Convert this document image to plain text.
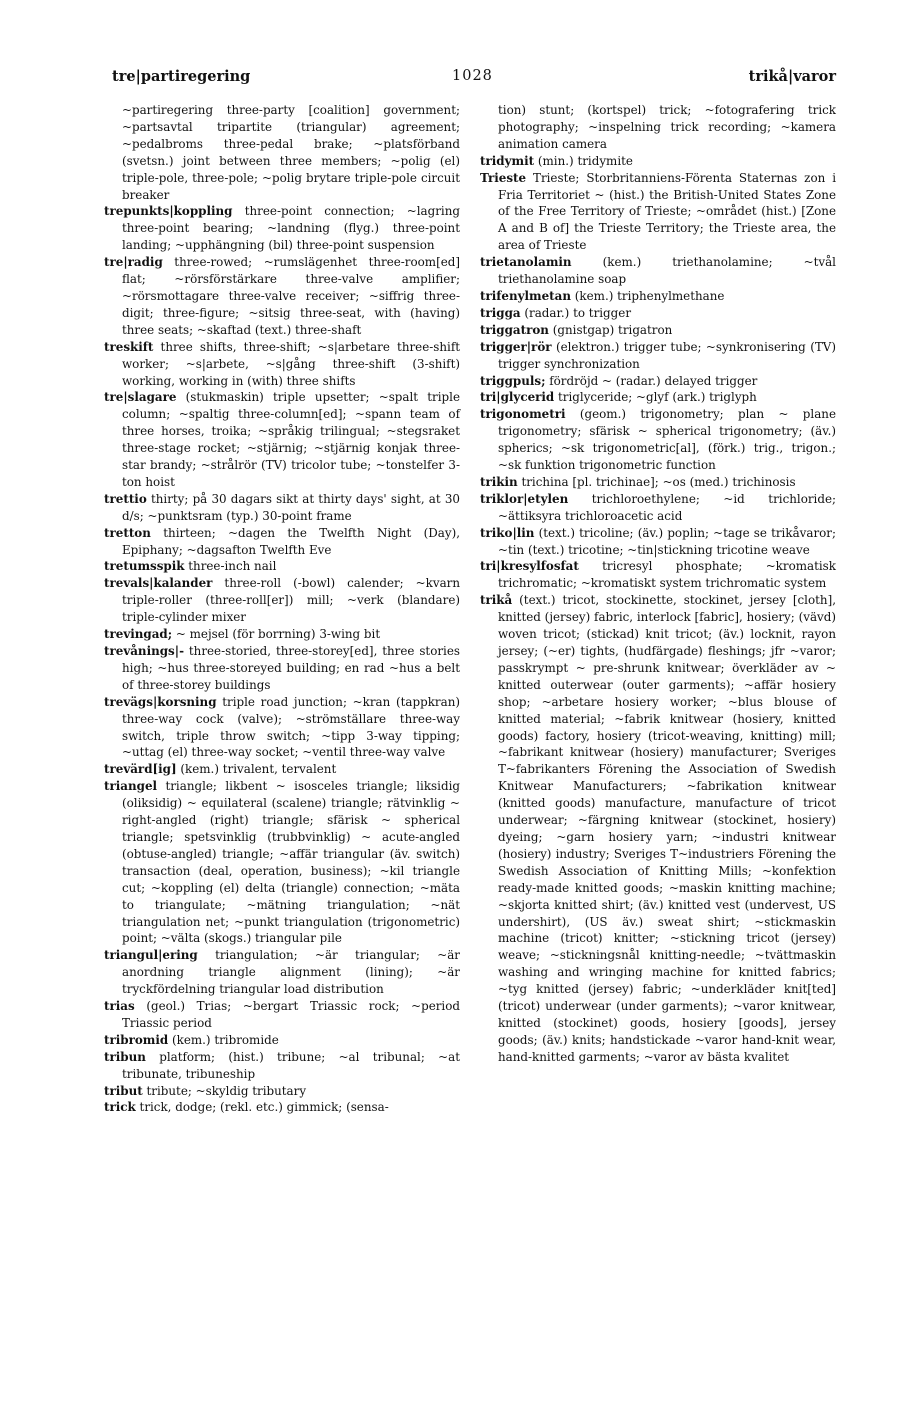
tre|partiregering	1028	trikå|varor

~partiregering three-party [coalition] government; ~partsavtal tripartite (triangular) agreement; ~pedalbroms three-pedal brake; ~platsförband (svetsn.) joint between three members; ~polig (el) triple-pole, three-pole; ~polig brytare triple-pole circuit breaker

trepunkts|koppling three-point connection; ~lagring three-point bearing; ~landning (flyg.) three-point landing; ~upphängning (bil) three-point suspension

tre|radig three-rowed; ~rumslägenhet three-room[ed] flat; ~rörsförstärkare three-valve amplifier; ~rörsmottagare three-valve receiver; ~siffrig three-digit; three-figure; ~sitsig three-seat, with (having) three seats; ~skaftad (text.) three-shaft

treskift three shifts, three-shift; ~s|arbetare three-shift worker; ~s|arbete, ~s|gång three-shift (3-shift) working, working in (with) three shifts

tre|slagare (stukmaskin) triple upsetter; ~spalt triple column; ~spaltig three-column[ed]; ~spann team of three horses, troika; ~språkig trilingual; ~stegsraket three-stage rocket; ~stjärnig; ~stjärnig konjak three-star brandy; ~strålrör (TV) tricolor tube; ~tonstelfer 3-ton hoist

trettio thirty; på 30 dagars sikt at thirty days' sight, at 30 d/s; ~punktsram (typ.) 30-point frame

tretton thirteen; ~dagen the Twelfth Night (Day), Epiphany; ~dagsafton Twelfth Eve

tretumsspik three-inch nail

trevals|kalander three-roll (-bowl) calender; ~kvarn triple-roller (three-roll[er]) mill; ~verk (blandare) triple-cylinder mixer

trevingad; ~ mejsel (för borrning) 3-wing bit

trevånings|- three-storied, three-storey[ed], three stories high; ~hus three-storeyed building; en rad ~hus a belt of three-storey buildings

trevägs|korsning triple road junction; ~kran (tappkran) three-way cock (valve); ~strömställare three-way switch, triple throw switch; ~tipp 3-way tipping; ~uttag (el) three-way socket; ~ventil three-way valve

trevärd[ig] (kem.) trivalent, tervalent

triangel triangle; likbent ~ isosceles triangle; liksidig (oliksidig) ~ equilateral (scalene) triangle; rätvinklig ~ right-angled (right) triangle; sfärisk ~ spherical triangle; spetsvinklig (trubbvinklig) ~ acute-angled (obtuse-angled) triangle; ~affär triangular (äv. switch) transaction (deal, operation, business); ~kil triangle cut; ~koppling (el) delta (triangle) connection; ~mäta to triangulate; ~mätning triangulation; ~nät triangulation net; ~punkt triangulation (trigonometric) point; ~välta (skogs.) triangular pile

triangul|ering triangulation; ~är triangular; ~är anordning triangle alignment (lining); ~är tryckfördelning triangular load distribution

trias (geol.) Trias; ~bergart Triassic rock; ~period Triassic period

tribromid (kem.) tribromide

tribun platform; (hist.) tribune; ~al tribunal; ~at tribunate, tribuneship

tribut tribute; ~skyldig tributary

trick trick, dodge; (rekl. etc.) gimmick; (sensa-

tion) stunt; (kortspel) trick; ~fotografering trick photography; ~inspelning trick recording; ~kamera animation camera

tridymit (min.) tridymite

Trieste Trieste; Storbritanniens-Förenta Staternas zon i Fria Territoriet ~ (hist.) the British-United States Zone of the Free Territory of Trieste; ~området (hist.) [Zone A and B of] the Trieste Territory; the Trieste area, the area of Trieste

trietanolamin (kem.) triethanolamine; ~tvål triethanolamine soap

trifenylmetan (kem.) triphenylmethane

trigga (radar.) to trigger

triggatron (gnistgap) trigatron

trigger|rör (elektron.) trigger tube; ~synkronisering (TV) trigger synchronization

triggpuls; fördröjd ~ (radar.) delayed trigger

tri|glycerid triglyceride; ~glyf (ark.) triglyph

trigonometri (geom.) trigonometry; plan ~ plane trigonometry; sfärisk ~ spherical trigonometry; (äv.) spherics; ~sk trigonometric[al], (förk.) trig., trigon.; ~sk funktion trigonometric function

trikin trichina [pl. trichinae]; ~os (med.) trichinosis

triklor|etylen trichloroethylene; ~id trichloride; ~ättiksyra trichloroacetic acid

triko|lin (text.) tricoline; (äv.) poplin; ~tage se trikåvaror; ~tin (text.) tricotine; ~tin|stickning tricotine weave

tri|kresylfosfat tricresyl phosphate; ~kromatisk trichromatic; ~kromatiskt system trichromatic system

trikå (text.) tricot, stockinette, stockinet, jersey [cloth], knitted (jersey) fabric, interlock [fabric], hosiery; (vävd) woven tricot; (stickad) knit tricot; (äv.) locknit, rayon jersey; (~er) tights, (hudfärgade) fleshings; jfr ~varor; passkrympt ~ pre-shrunk knitwear; överkläder av ~ knitted outerwear (outer garments); ~affär hosiery shop; ~arbetare hosiery worker; ~blus blouse of knitted material; ~fabrik knitwear (hosiery, knitted goods) factory, hosiery (tricot-weaving, knitting) mill; ~fabrikant knitwear (hosiery) manufacturer; Sveriges T~fabrikanters Förening the Association of Swedish Knitwear Manufacturers; ~fabrikation knitwear (knitted goods) manufacture, manufacture of tricot underwear; ~färgning knitwear (stockinet, hosiery) dyeing; ~garn hosiery yarn; ~industri knitwear (hosiery) industry; Sveriges T~industriers Förening the Swedish Association of Knitting Mills; ~konfektion ready-made knitted goods; ~maskin knitting machine; ~skjorta knitted shirt; (äv.) knitted vest (undervest, US undershirt), (US äv.) sweat shirt; ~stickmaskin machine (tricot) knitter; ~stickning tricot (jersey) weave; ~stickningsnål knitting-needle; ~tvättmaskin washing and wringing machine for knitted fabrics; ~tyg knitted (jersey) fabric; ~underkläder knit[ted] (tricot) underwear (under garments); ~varor knitwear, knitted (stockinet) goods, hosiery [goods], jersey goods; (äv.) knits; handstickade ~varor hand-knit wear, hand-knitted garments; ~varor av bästa kvalitet
